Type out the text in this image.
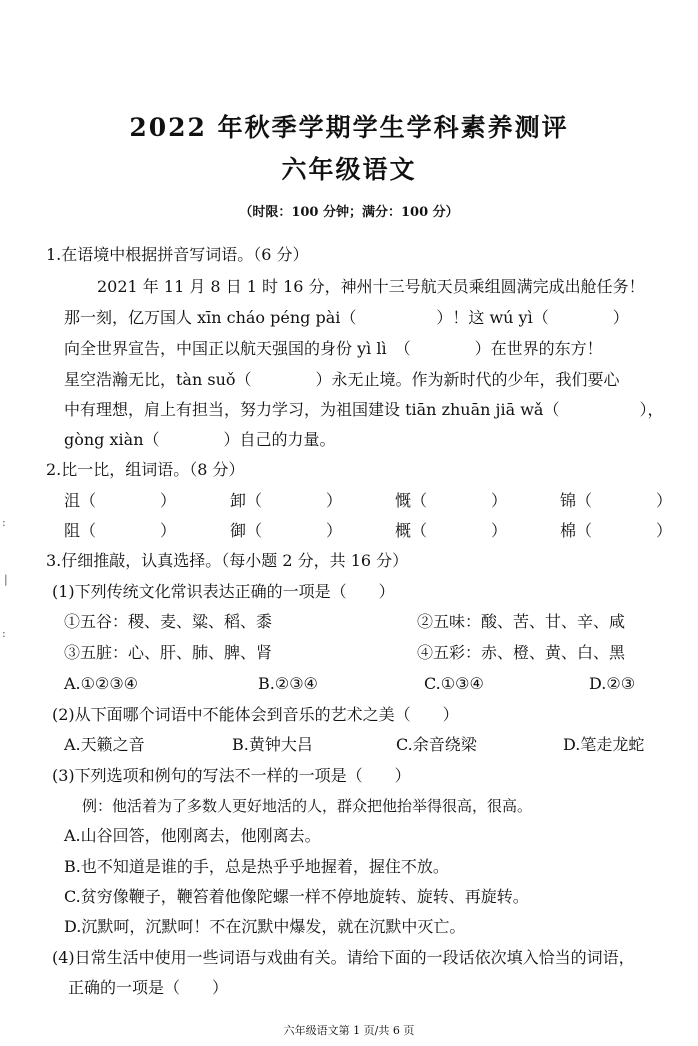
2022 年秋季学期学生学科素养测评
六年级语文
（时限：100 分钟；满分：100 分）
1.在语境中根据拼音写词语。（6 分）
2021 年 11 月 8 日 1 时 16 分，神州十三号航天员乘组圆满完成出舱任务！
那一刻，亿万国人 xīn cháo péng pài（　　　　　）！这 wú yì（　　　　）
向全世界宣告，中国正以航天强国的身份 yì lì　（　　　　）在世界的东方！
星空浩瀚无比，tàn suǒ（　　　　）永无止境。作为新时代的少年，我们要心
中有理想，肩上有担当，努力学习，为祖国建设 tiān zhuān jiā wǎ（　　　　　），
gòng xiàn（　　　　）自己的力量。
2.比一比，组词语。（8 分）
沮（　　　　）	卸（　　　　）	慨（　　　　）	锦（　　　　）
阻（　　　　）	御（　　　　）	概（　　　　）	棉（　　　　）
3.仔细推敲，认真选择。（每小题 2 分，共 16 分）
(1)下列传统文化常识表达正确的一项是（　　）
①五谷：稷、麦、粱、稻、黍	②五味：酸、苦、甘、辛、咸
③五脏：心、肝、肺、脾、肾	④五彩：赤、橙、黄、白、黑
A.①②③④	B.②③④	C.①③④	D.②③
(2)从下面哪个词语中不能体会到音乐的艺术之美（　　）
A.天籁之音	B.黄钟大吕	C.余音绕梁	D.笔走龙蛇
(3)下列选项和例句的写法不一样的一项是（　　）
例：他活着为了多数人更好地活的人，群众把他抬举得很高，很高。
A.山谷回答，他刚离去，他刚离去。
B.也不知道是谁的手，总是热乎乎地握着，握住不放。
C.贫穷像鞭子，鞭笞着他像陀螺一样不停地旋转、旋转、再旋转。
D.沉默呵，沉默呵！不在沉默中爆发，就在沉默中灭亡。
(4)日常生活中使用一些词语与戏曲有关。请给下面的一段话依次填入恰当的词语，
正确的一项是（　　）
:
|
:
六年级语文第 1 页/共 6 页
